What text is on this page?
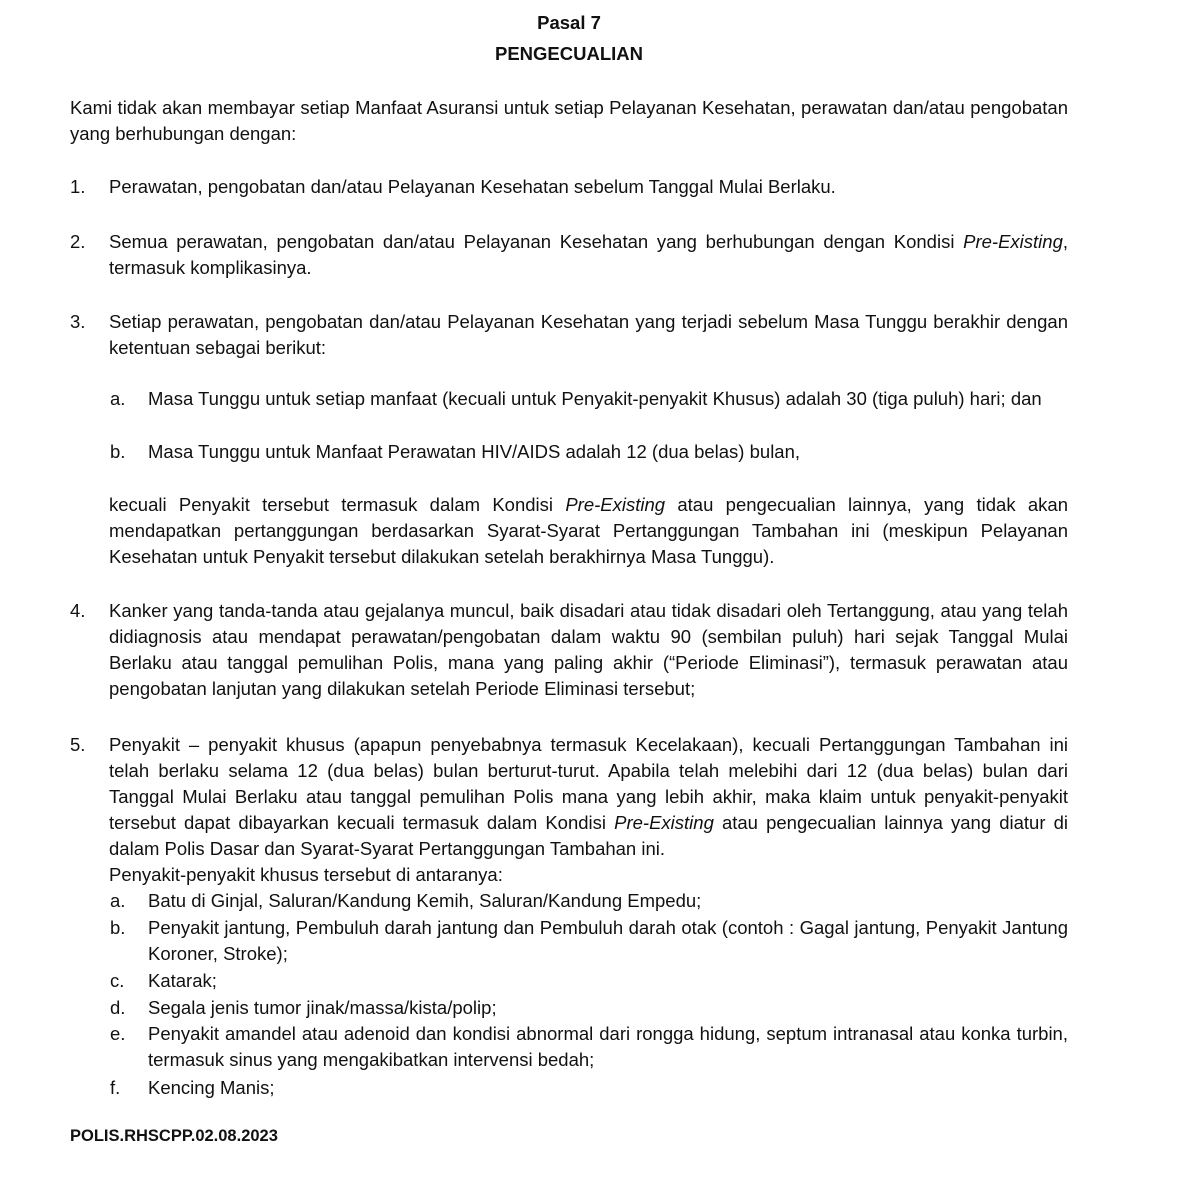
Pasal 7
PENGECUALIAN
Kami tidak akan membayar setiap Manfaat Asuransi untuk setiap Pelayanan Kesehatan, perawatan dan/atau pengobatan yang berhubungan dengan:
1.	Perawatan, pengobatan dan/atau Pelayanan Kesehatan sebelum Tanggal Mulai Berlaku.
2.	Semua perawatan, pengobatan dan/atau Pelayanan Kesehatan yang berhubungan dengan Kondisi Pre-Existing, termasuk komplikasinya.
3.	Setiap perawatan, pengobatan dan/atau Pelayanan Kesehatan yang terjadi sebelum Masa Tunggu berakhir dengan ketentuan sebagai berikut:
a.	Masa Tunggu untuk setiap manfaat (kecuali untuk Penyakit-penyakit Khusus) adalah 30 (tiga puluh) hari; dan
b.	Masa Tunggu untuk Manfaat Perawatan HIV/AIDS adalah 12 (dua belas) bulan,
kecuali Penyakit tersebut termasuk dalam Kondisi Pre-Existing atau pengecualian lainnya, yang tidak akan mendapatkan pertanggungan berdasarkan Syarat-Syarat Pertanggungan Tambahan ini (meskipun Pelayanan Kesehatan untuk Penyakit tersebut dilakukan setelah berakhirnya Masa Tunggu).
4.	Kanker yang tanda-tanda atau gejalanya muncul, baik disadari atau tidak disadari oleh Tertanggung, atau yang telah didiagnosis atau mendapat perawatan/pengobatan dalam waktu 90 (sembilan puluh) hari sejak Tanggal Mulai Berlaku atau tanggal pemulihan Polis, mana yang paling akhir (“Periode Eliminasi”), termasuk perawatan atau pengobatan lanjutan yang dilakukan setelah Periode Eliminasi tersebut;
5.	Penyakit – penyakit khusus (apapun penyebabnya termasuk Kecelakaan), kecuali Pertanggungan Tambahan ini telah berlaku selama 12 (dua belas) bulan berturut-turut. Apabila telah melebihi dari 12 (dua belas) bulan dari Tanggal Mulai Berlaku atau tanggal pemulihan Polis mana yang lebih akhir, maka klaim untuk penyakit-penyakit tersebut dapat dibayarkan kecuali termasuk dalam Kondisi Pre-Existing atau pengecualian lainnya yang diatur di dalam Polis Dasar dan Syarat-Syarat Pertanggungan Tambahan ini.
Penyakit-penyakit khusus tersebut di antaranya:
a.	Batu di Ginjal, Saluran/Kandung Kemih, Saluran/Kandung Empedu;
b.	Penyakit jantung, Pembuluh darah jantung dan Pembuluh darah otak (contoh : Gagal jantung, Penyakit Jantung Koroner, Stroke);
c.	Katarak;
d.	Segala jenis tumor jinak/massa/kista/polip;
e.	Penyakit amandel atau adenoid dan kondisi abnormal dari rongga hidung, septum intranasal atau konka turbin, termasuk sinus yang mengakibatkan intervensi bedah;
f.	Kencing Manis;
POLIS.RHSCPP.02.08.2023
